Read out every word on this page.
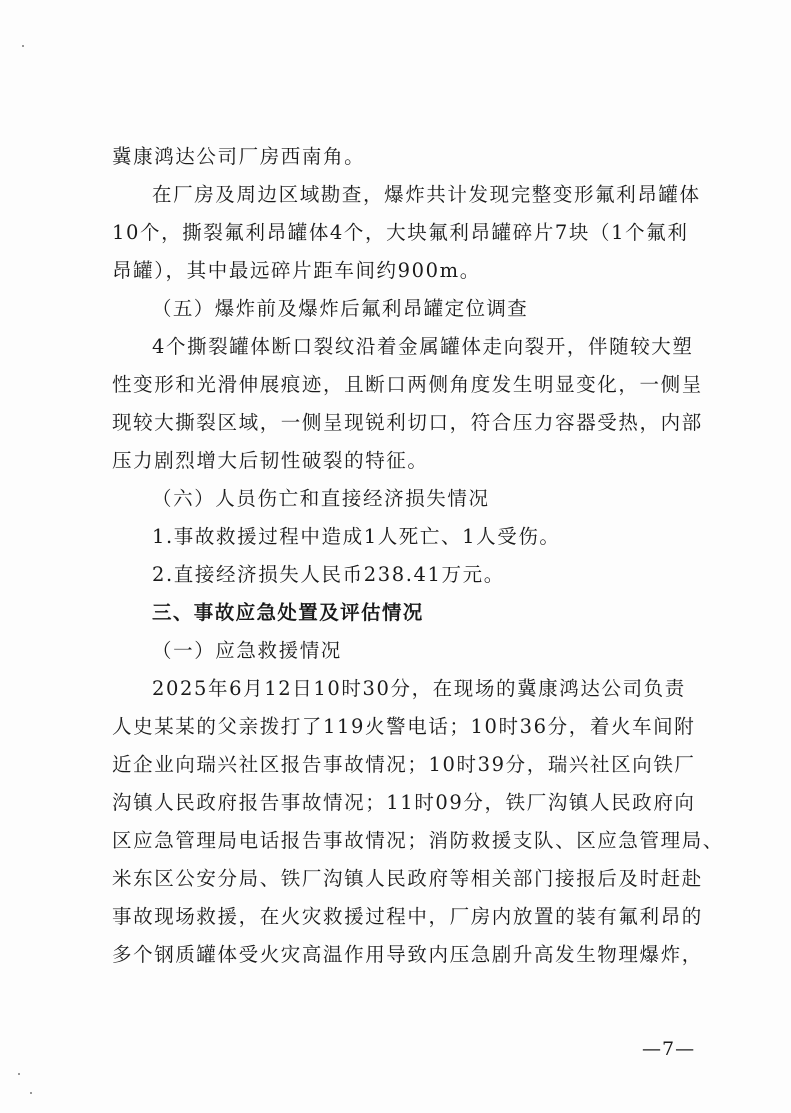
冀康鸿达公司厂房西南角。
在厂房及周边区域勘查，爆炸共计发现完整变形氟利昂罐体
10个，撕裂氟利昂罐体4个，大块氟利昂罐碎片7块（1个氟利
昂罐），其中最远碎片距车间约900m。
（五）爆炸前及爆炸后氟利昂罐定位调查
4个撕裂罐体断口裂纹沿着金属罐体走向裂开，伴随较大塑
性变形和光滑伸展痕迹，且断口两侧角度发生明显变化，一侧呈
现较大撕裂区域，一侧呈现锐利切口，符合压力容器受热，内部
压力剧烈增大后韧性破裂的特征。
（六）人员伤亡和直接经济损失情况
1.事故救援过程中造成1人死亡、1人受伤。
2.直接经济损失人民币238.41万元。
三、事故应急处置及评估情况
（一）应急救援情况
2025年6月12日10时30分，在现场的冀康鸿达公司负责
人史某某的父亲拨打了119火警电话；10时36分，着火车间附
近企业向瑞兴社区报告事故情况；10时39分，瑞兴社区向铁厂
沟镇人民政府报告事故情况；11时09分，铁厂沟镇人民政府向
区应急管理局电话报告事故情况；消防救援支队、区应急管理局、
米东区公安分局、铁厂沟镇人民政府等相关部门接报后及时赶赴
事故现场救援，在火灾救援过程中，厂房内放置的装有氟利昂的
多个钢质罐体受火灾高温作用导致内压急剧升高发生物理爆炸，
—7—
